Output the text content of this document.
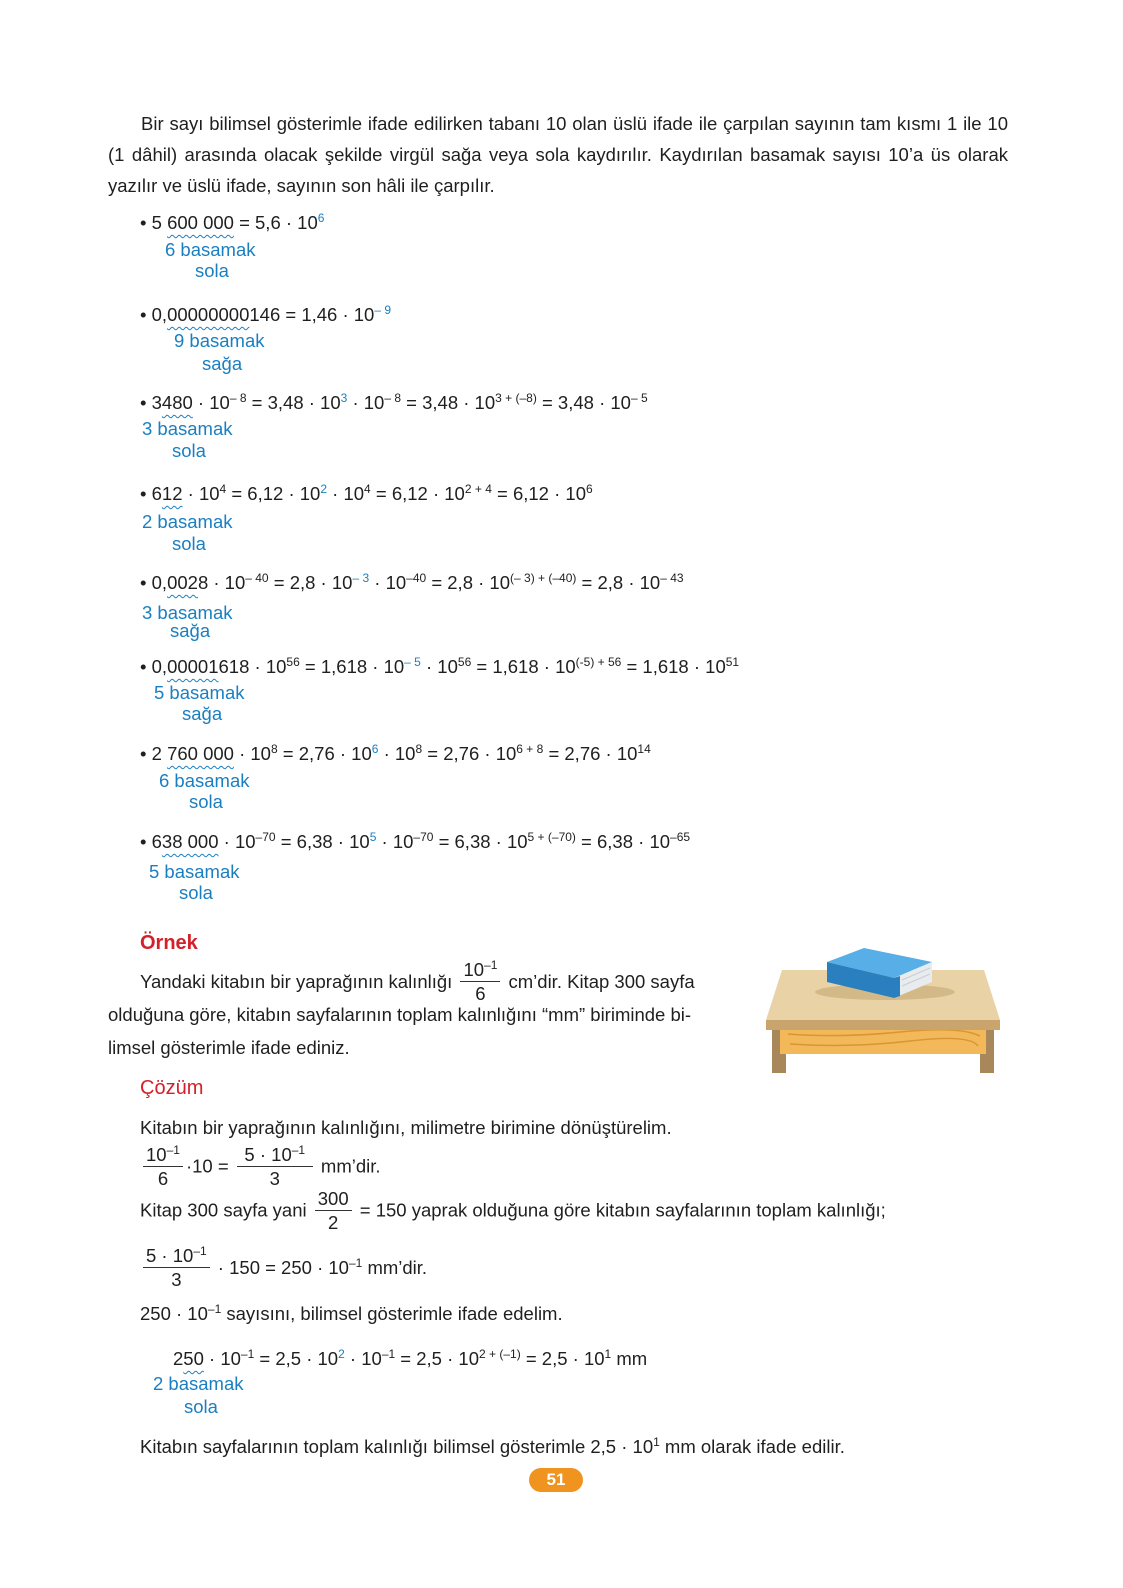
Bir sayı bilimsel gösterimle ifade edilirken tabanı 10 olan üslü ifade ile çarpılan sayının tam kısmı 1 ile 10 (1 dâhil) arasında olacak şekilde virgül sağa veya sola kaydırılır. Kaydırılan basamak sayısı 10’a üs olarak yazılır ve üslü ifade, sayının son hâli ile çarpılır.

• 5 600 $000 = 5,6 \cdot 10^6$
6 basamak
sola
• $0,00000000146 = 1,46 \cdot 10^{- 9}$
9 basamak
sağa
• $3480 \cdot 10^{- 8} = 3,48 \cdot 10^3 \cdot 10^{- 8} = 3,48 \cdot 10^{3 + (-8)} = 3,48 \cdot 10^{- 5}$
3 basamak
sola
• $612 \cdot 10^4 = 6,12 \cdot 10^2 \cdot 10^4 = 6,12 \cdot 10^{2 + 4} = 6,12 \cdot 10^6$
2 basamak
sola
• $0,0028 \cdot 10^{- 40} = 2,8 \cdot 10^{- 3} \cdot 10^{-40} = 2,8 \cdot 10^{(- 3) + (-40)} = 2,8 \cdot 10^{- 43}$
3 basamak
sağa
• $0,00001618 \cdot 10^{56} = 1,618 \cdot 10^{- 5} \cdot 10^{56} = 1,618 \cdot 10^{(-5) + 56} = 1,618 \cdot 10^{51}$
5 basamak
sağa
• 2 760 $000 \cdot 10^8 = 2,76 \cdot 10^6 \cdot 10^8 = 2,76 \cdot 10^{6 + 8} = 2,76 \cdot 10^{14}$
6 basamak
sola
• 638 $000 \cdot 10^{-70} = 6,38 \cdot 10^5 \cdot 10^{-70} = 6,38 \cdot 10^{5 + (-70)} = 6,38 \cdot 10^{-65}$
5 basamak
sola
Örnek
Yandaki kitabın bir yaprağının kalınlığı $\frac{10^{-1}}{6}$ cm’dir. Kitap 300 sayfa
olduğuna göre, kitabın sayfalarının toplam kalınlığını “mm” biriminde bi-
limsel gösterimle ifade ediniz.
Çözüm
Kitabın bir yaprağının kalınlığını, milimetre birimine dönüştürelim.
$\frac{10^{-1}}{6} \cdot 10 = \frac{5 \cdot 10^{-1}}{3}$ mm’dir.
Kitap 300 sayfa yani $\frac{300}{2} = 150$ yaprak olduğuna göre kitabın sayfalarının toplam kalınlığı;
$\frac{5 \cdot 10^{-1}}{3} \cdot 150 = 250 \cdot 10^{-1}$ mm’dir.
$250 \cdot 10^{-1}$ sayısını, bilimsel gösterimle ifade edelim.
$250 \cdot 10^{-1} = 2,5 \cdot 10^2 \cdot 10^{-1} = 2,5 \cdot 10^{2 + (-1)} = 2,5 \cdot 10^1$ mm
2 basamak
sola
Kitabın sayfalarının toplam kalınlığı bilimsel gösterimle $2,5 \cdot 10^1$ mm olarak ifade edilir.
51
